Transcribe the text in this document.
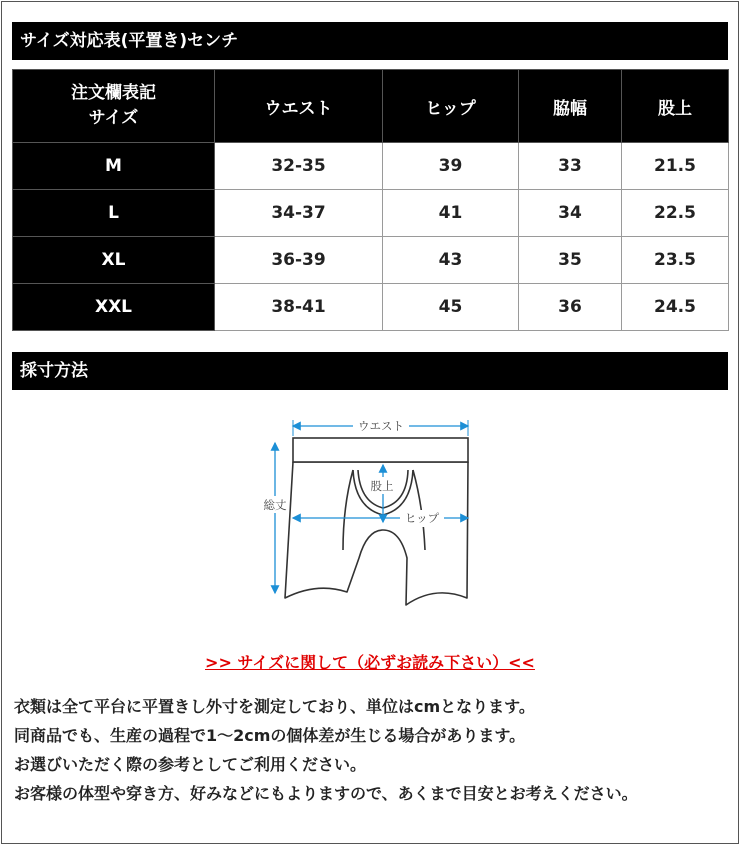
サイズ対応表(平置き)センチ
注文欄表記
サイズ	ウエスト	ヒップ	脇幅	股上
M	32-35	39	33	21.5
L	34-37	41	34	22.5
XL	36-39	43	35	23.5
XXL	38-41	45	36	24.5
採寸方法
ウエスト
総丈
股上
ヒップ
>> サイズに関して（必ずお読み下さい）<<

衣類は全て平台に平置きし外寸を測定しており、単位はcmとなります。

同商品でも、生産の過程で1～2cmの個体差が生じる場合があります。

お選びいただく際の参考としてご利用ください。

お客様の体型や穿き方、好みなどにもよりますので、あくまで目安とお考えください。
